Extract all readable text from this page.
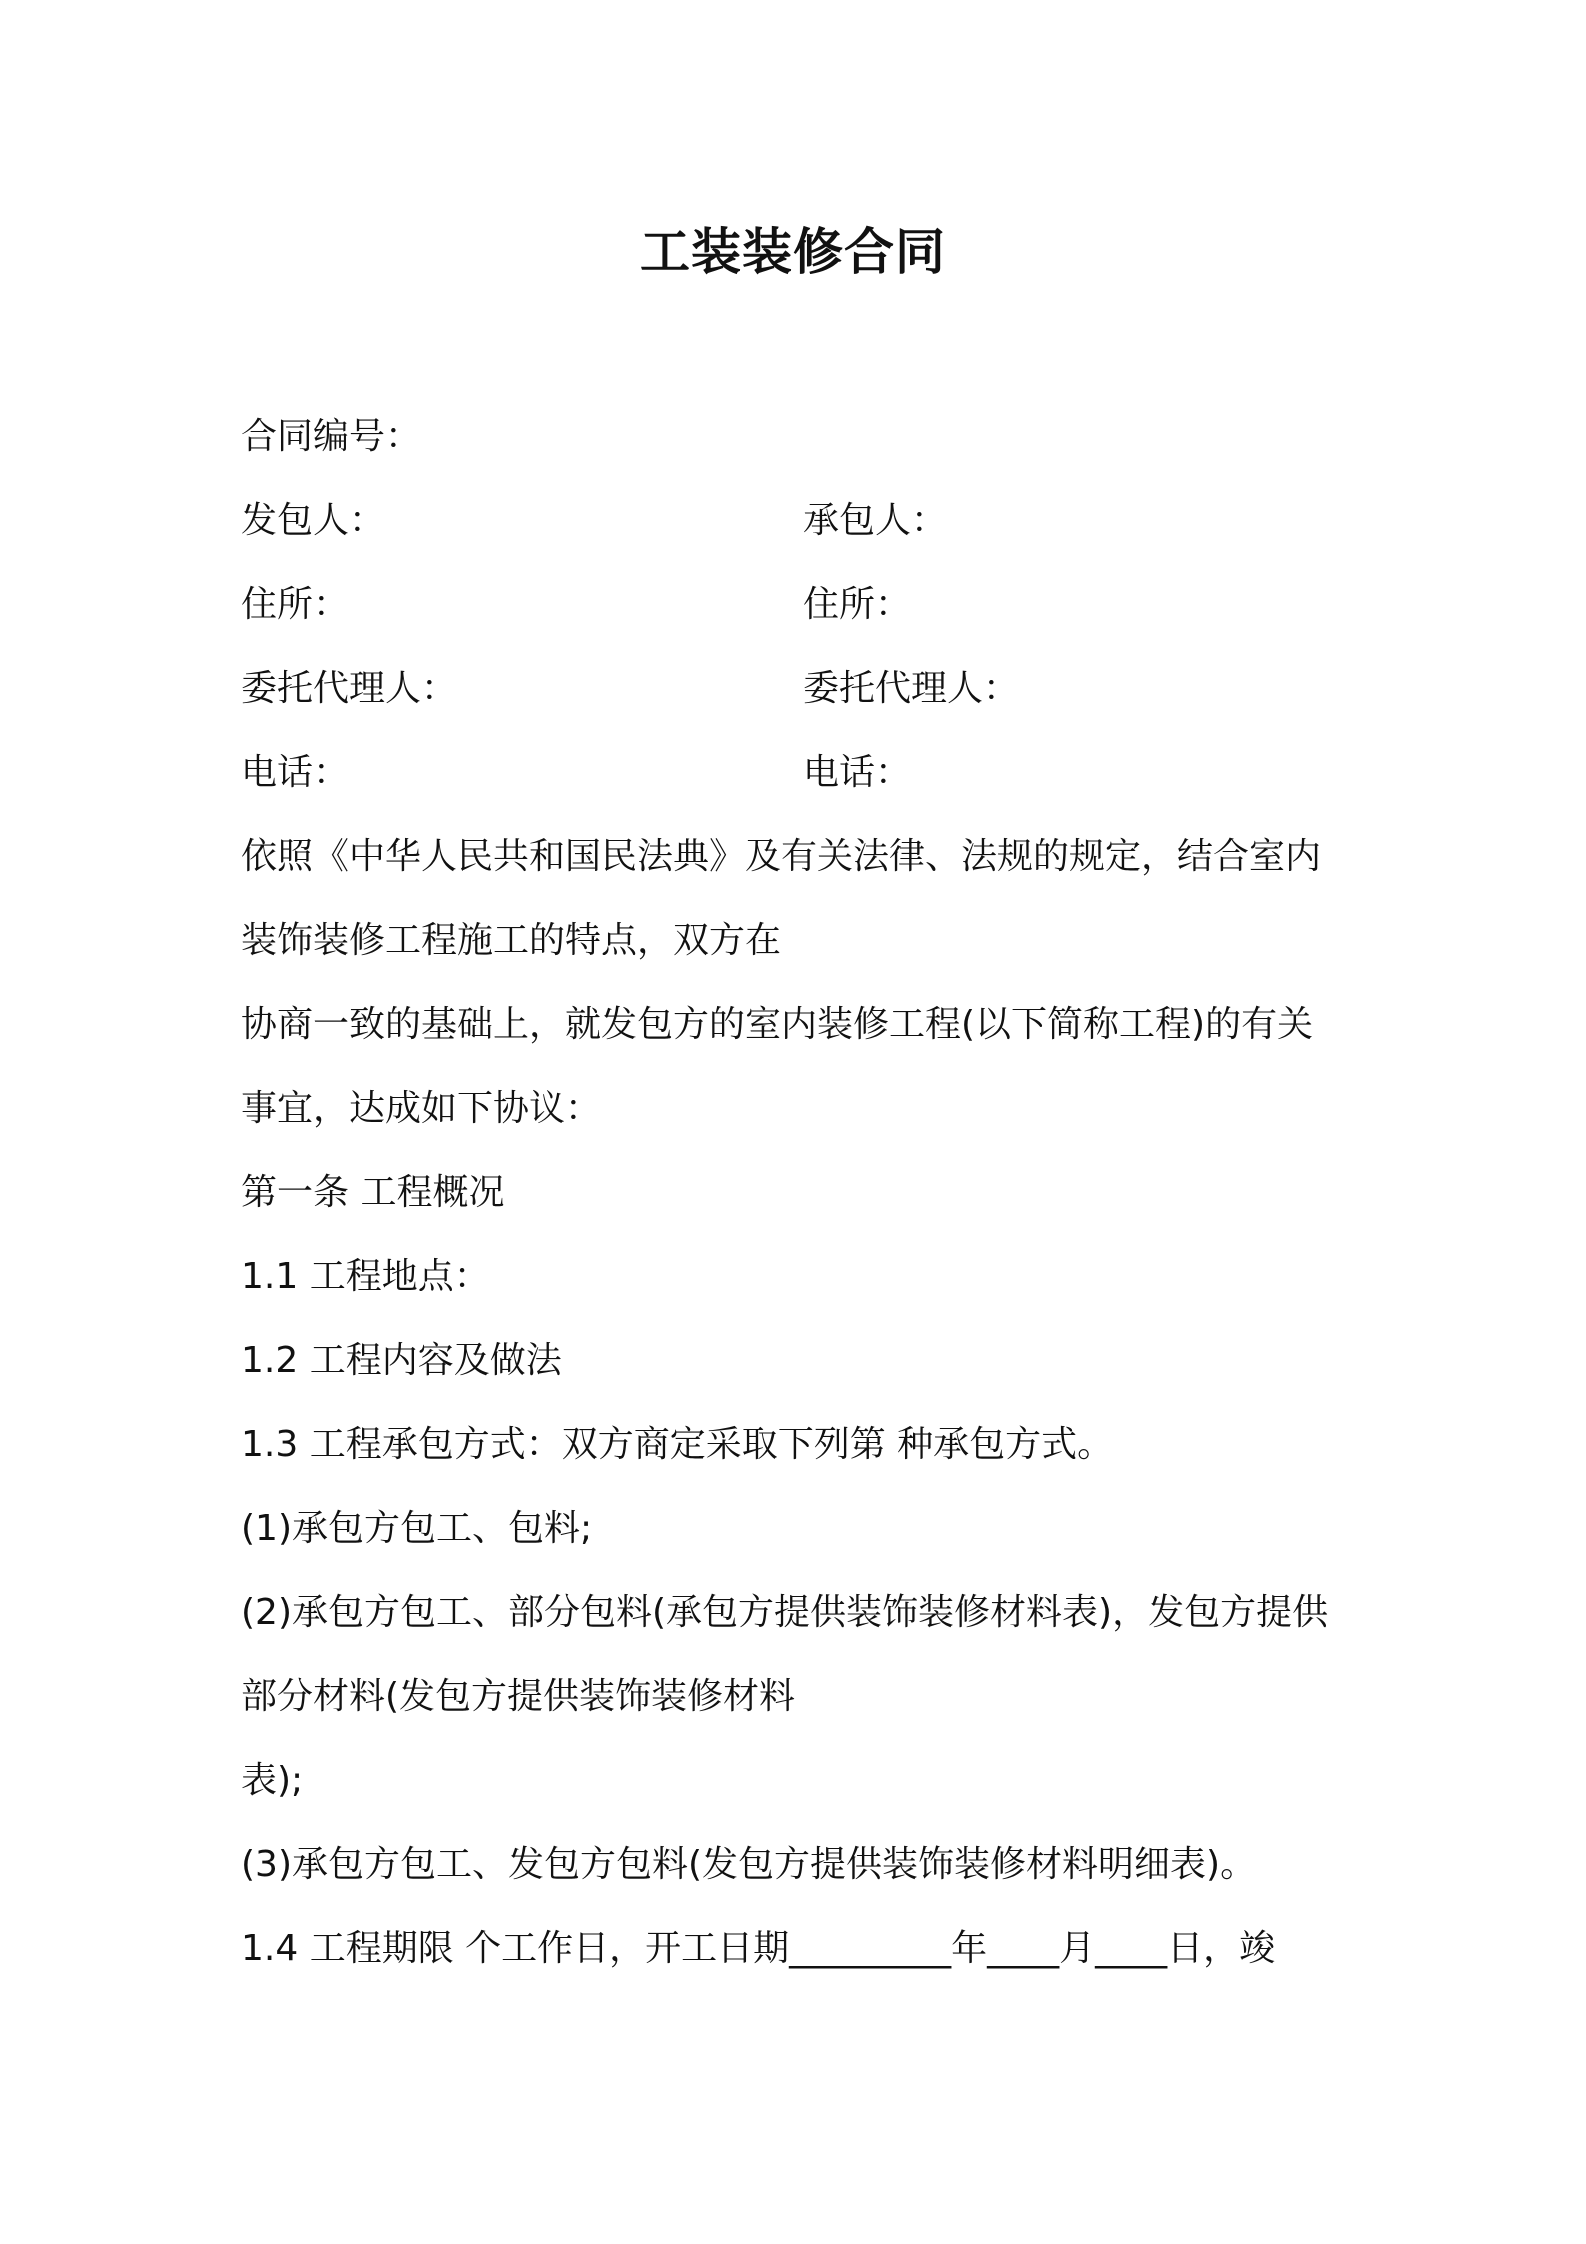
工装装修合同
合同编号：
发包人：	承包人：
住所：	住所：
委托代理人：	委托代理人：
电话：	电话：
依照《中华人民共和国民法典》及有关法律、法规的规定，结合室内
装饰装修工程施工的特点，双方在
协商一致的基础上，就发包方的室内装修工程(以下简称工程)的有关
事宜，达成如下协议：
第一条 工程概况
1.1 工程地点：
1.2 工程内容及做法
1.3 工程承包方式：双方商定采取下列第 种承包方式。
(1)承包方包工、包料;
(2)承包方包工、部分包料(承包方提供装饰装修材料表)，发包方提供
部分材料(发包方提供装饰装修材料
表);
(3)承包方包工、发包方包料(发包方提供装饰装修材料明细表)。
1.4 工程期限 个工作日，开工日期_________年____月____日，竣
